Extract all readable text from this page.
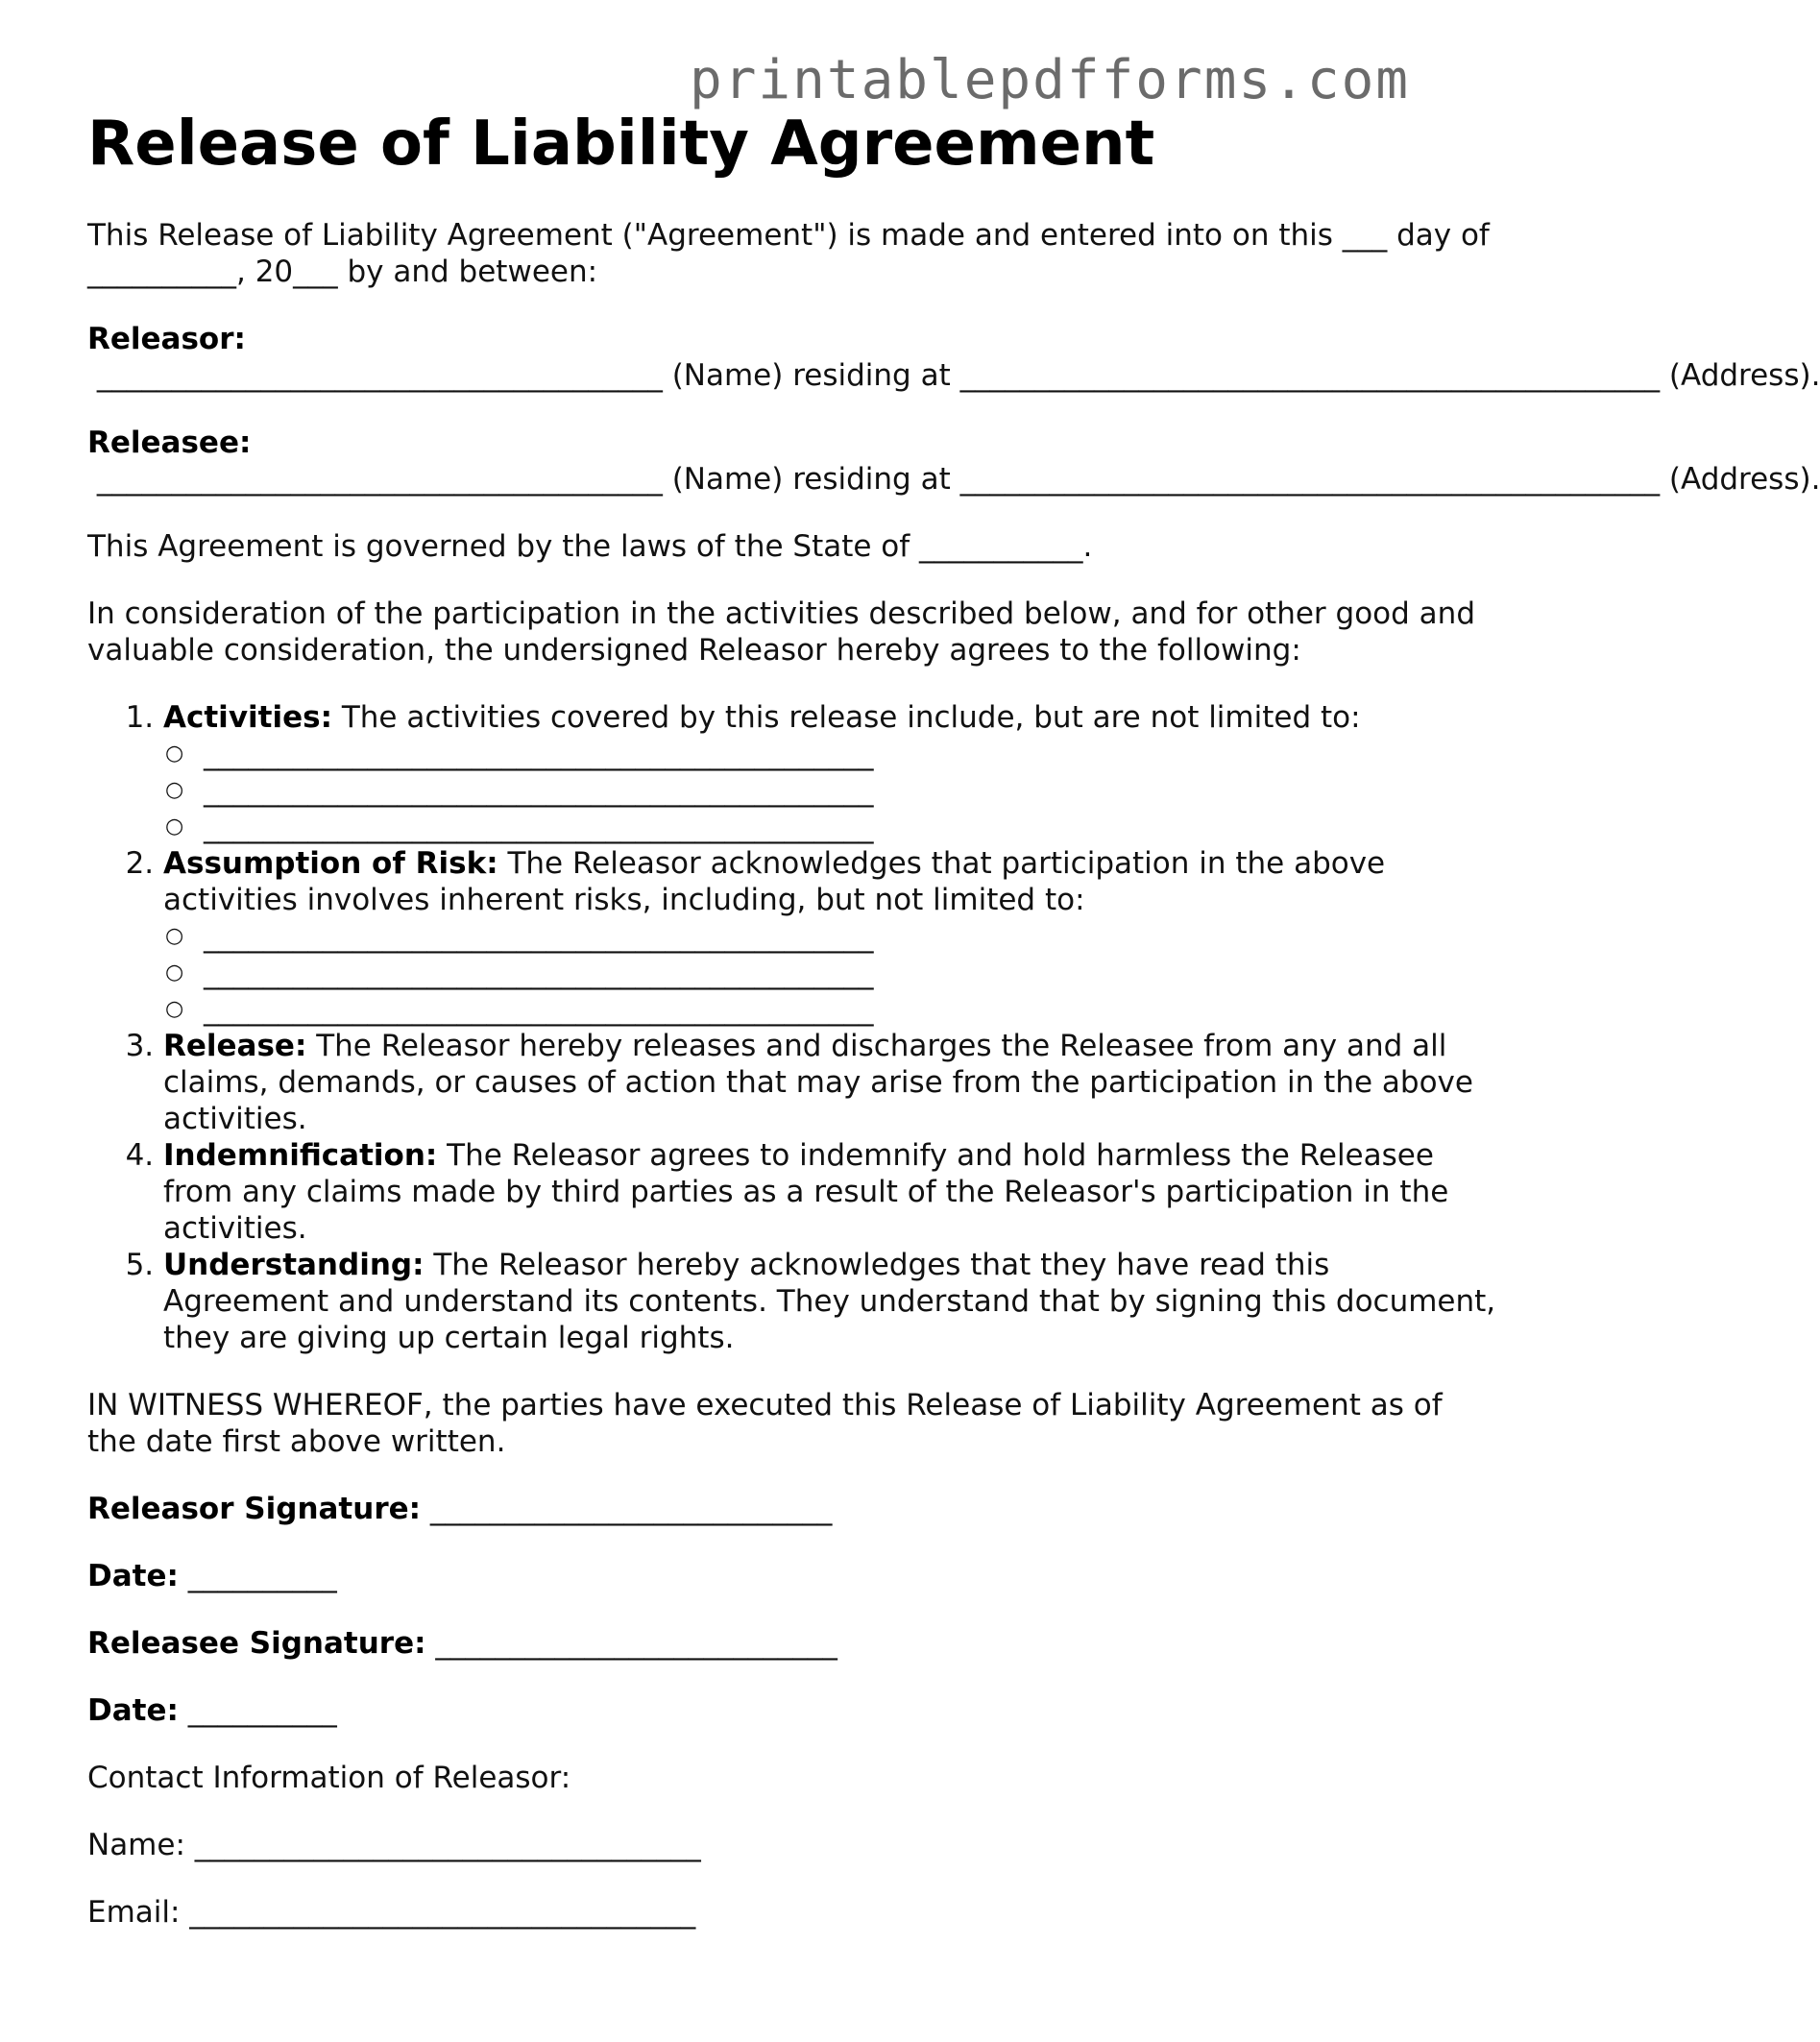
printablepdfforms.com
Release of Liability Agreement

This Release of Liability Agreement ("Agreement") is made and entered into on this ___ day of __________, 20___ by and between:

Releasor: ______________________________________ (Name) residing at _______________________________________________ (Address).

Releasee: ______________________________________ (Name) residing at _______________________________________________ (Address).

This Agreement is governed by the laws of the State of ___________.

In consideration of the participation in the activities described below, and for other good and valuable consideration, the undersigned Releasor hereby agrees to the following:

1. Activities: The activities covered by this release include, but are not limited to:
○ _____________________________________________
○ _____________________________________________
○ _____________________________________________
2. Assumption of Risk: The Releasor acknowledges that participation in the above activities involves inherent risks, including, but not limited to:
○ _____________________________________________
○ _____________________________________________
○ _____________________________________________
3. Release: The Releasor hereby releases and discharges the Releasee from any and all claims, demands, or causes of action that may arise from the participation in the above activities.
4. Indemnification: The Releasor agrees to indemnify and hold harmless the Releasee from any claims made by third parties as a result of the Releasor's participation in the activities.
5. Understanding: The Releasor hereby acknowledges that they have read this Agreement and understand its contents. They understand that by signing this document, they are giving up certain legal rights.

IN WITNESS WHEREOF, the parties have executed this Release of Liability Agreement as of the date first above written.

Releasor Signature: ___________________________

Date: __________

Releasee Signature: ___________________________

Date: __________

Contact Information of Releasor:

Name: __________________________________

Email: __________________________________
